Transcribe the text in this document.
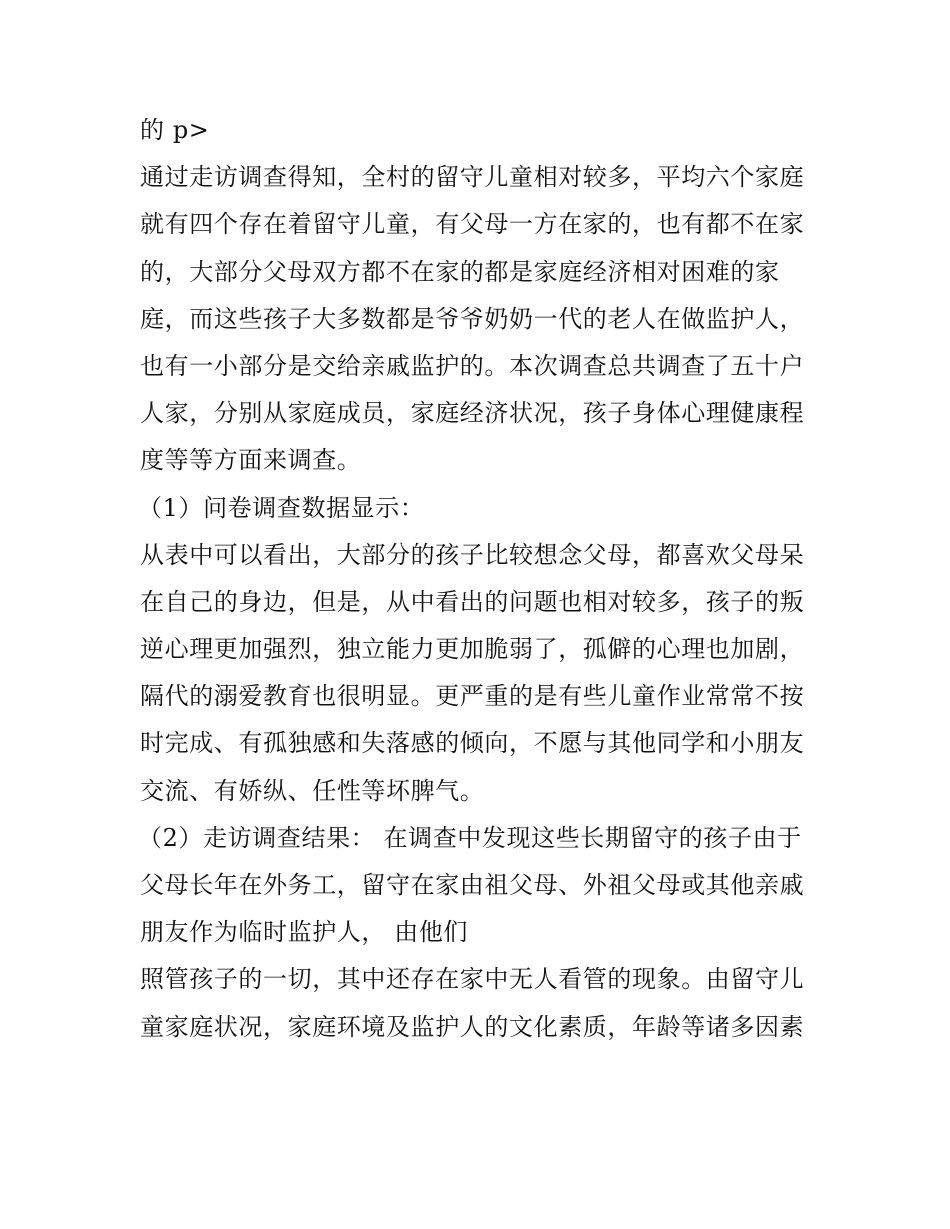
的 p>
通过走访调查得知，全村的留守儿童相对较多，平均六个家庭
就有四个存在着留守儿童，有父母一方在家的，也有都不在家
的，大部分父母双方都不在家的都是家庭经济相对困难的家
庭，而这些孩子大多数都是爷爷奶奶一代的老人在做监护人，
也有一小部分是交给亲戚监护的。本次调查总共调查了五十户
人家，分别从家庭成员，家庭经济状况，孩子身体心理健康程
度等等方面来调查。
（1）问卷调查数据显示：
从表中可以看出，大部分的孩子比较想念父母，都喜欢父母呆
在自己的身边，但是，从中看出的问题也相对较多，孩子的叛
逆心理更加强烈，独立能力更加脆弱了，孤僻的心理也加剧，
隔代的溺爱教育也很明显。更严重的是有些儿童作业常常不按
时完成、有孤独感和失落感的倾向，不愿与其他同学和小朋友
交流、有娇纵、任性等坏脾气。
（2）走访调查结果： 在调查中发现这些长期留守的孩子由于
父母长年在外务工，留守在家由祖父母、外祖父母或其他亲戚
朋友作为临时监护人， 由他们
照管孩子的一切，其中还存在家中无人看管的现象。由留守儿
童家庭状况，家庭环境及监护人的文化素质，年龄等诸多因素
